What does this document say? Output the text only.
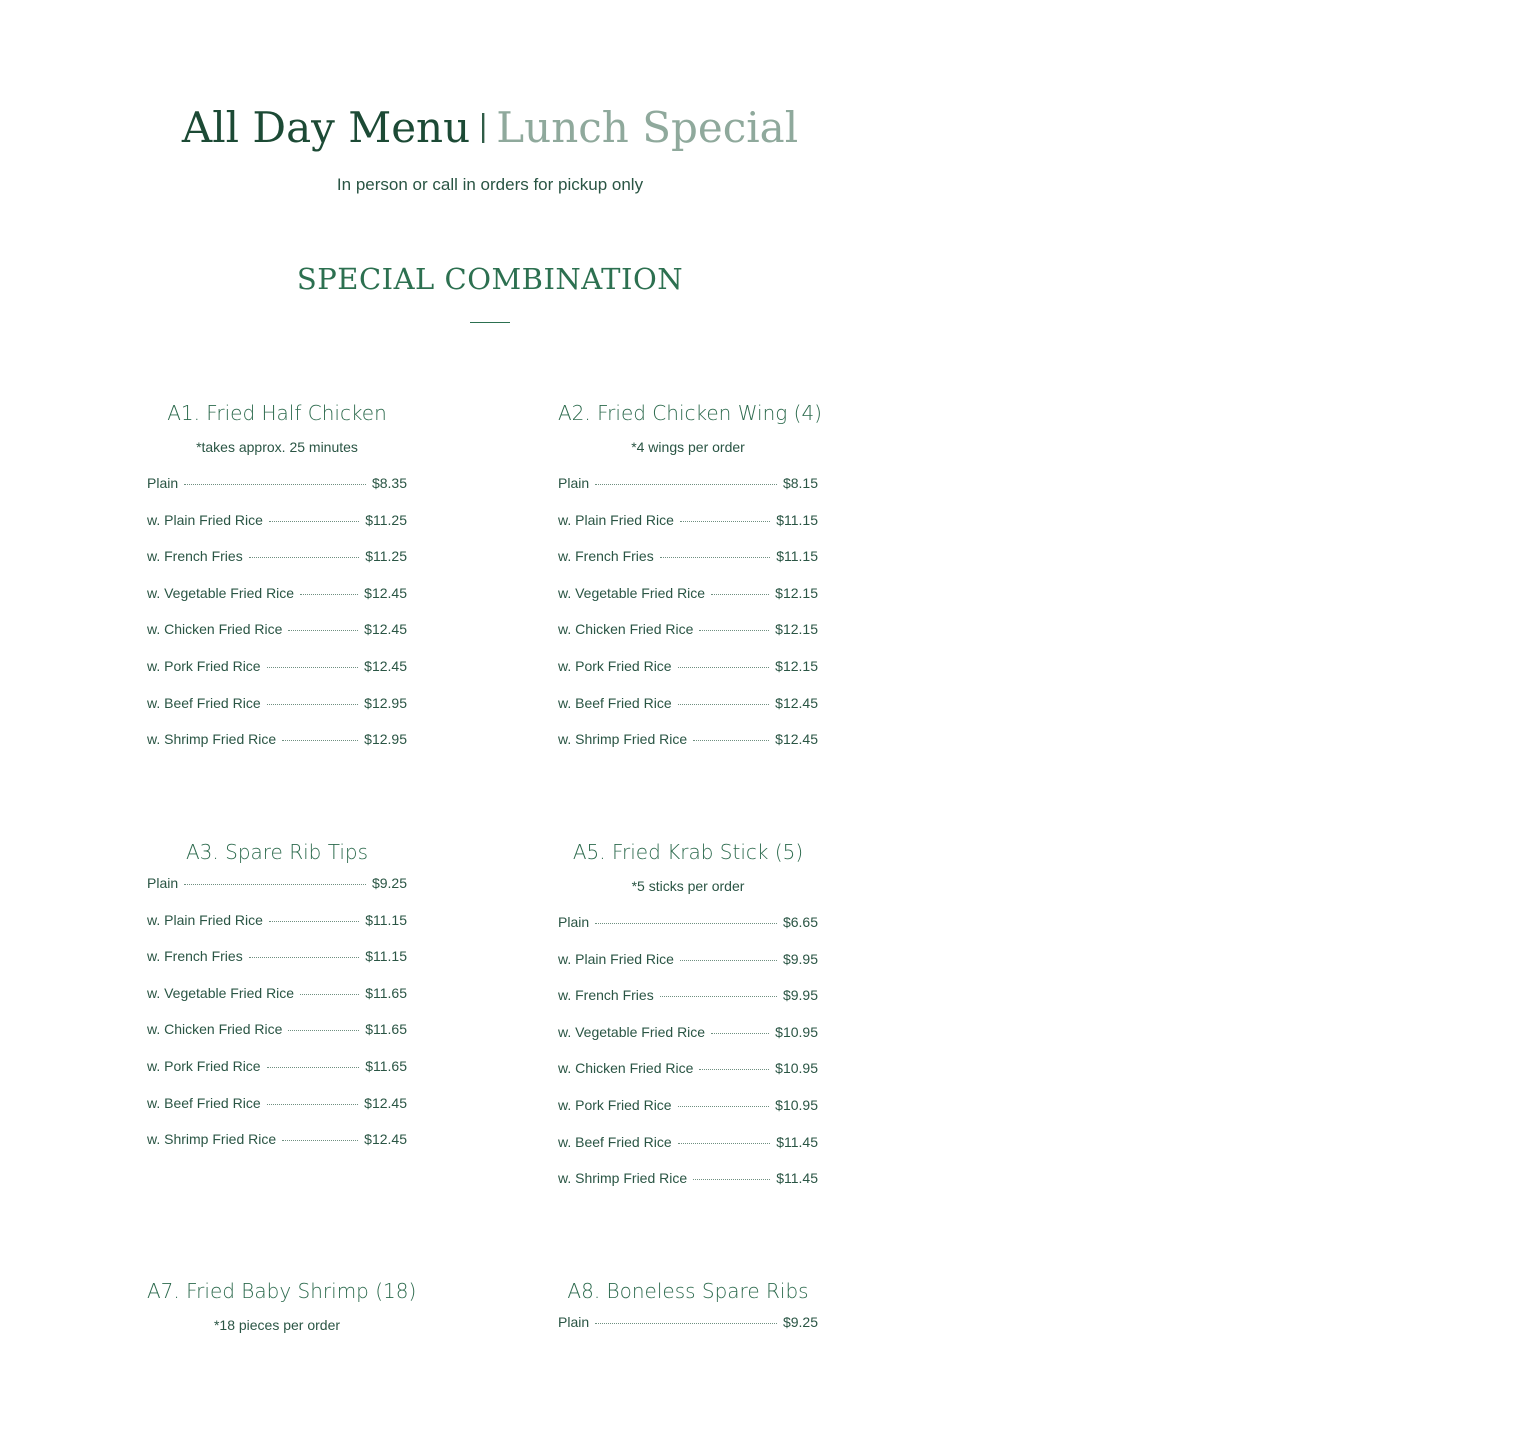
All Day Menu | Lunch Special
In person or call in orders for pickup only
SPECIAL COMBINATION
A1. Fried Half Chicken
*takes approx. 25 minutes
Plain	$8.35
w. Plain Fried Rice	$11.25
w. French Fries	$11.25
w. Vegetable Fried Rice	$12.45
w. Chicken Fried Rice	$12.45
w. Pork Fried Rice	$12.45
w. Beef Fried Rice	$12.95
w. Shrimp Fried Rice	$12.95
A2. Fried Chicken Wing (4)
*4 wings per order
Plain	$8.15
w. Plain Fried Rice	$11.15
w. French Fries	$11.15
w. Vegetable Fried Rice	$12.15
w. Chicken Fried Rice	$12.15
w. Pork Fried Rice	$12.15
w. Beef Fried Rice	$12.45
w. Shrimp Fried Rice	$12.45
A3. Spare Rib Tips
Plain	$9.25
w. Plain Fried Rice	$11.15
w. French Fries	$11.15
w. Vegetable Fried Rice	$11.65
w. Chicken Fried Rice	$11.65
w. Pork Fried Rice	$11.65
w. Beef Fried Rice	$12.45
w. Shrimp Fried Rice	$12.45
A5. Fried Krab Stick (5)
*5 sticks per order
Plain	$6.65
w. Plain Fried Rice	$9.95
w. French Fries	$9.95
w. Vegetable Fried Rice	$10.95
w. Chicken Fried Rice	$10.95
w. Pork Fried Rice	$10.95
w. Beef Fried Rice	$11.45
w. Shrimp Fried Rice	$11.45
A7. Fried Baby Shrimp (18)
*18 pieces per order
A8. Boneless Spare Ribs
Plain	$9.25
